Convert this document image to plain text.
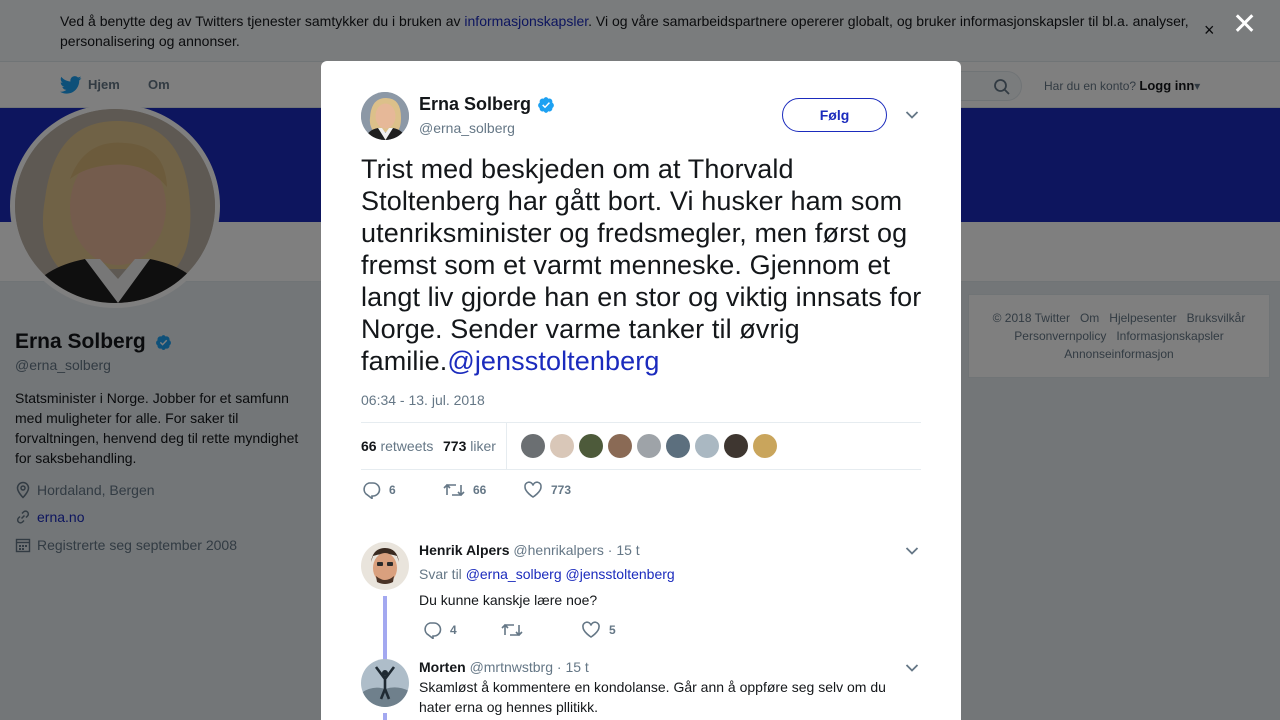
✕
Erna Solberg
@erna_solberg
Følg
Trist med beskjeden om at Thorvald Stoltenberg har gått bort. Vi husker ham som utenriksminister og fredsmegler, men først og fremst som et varmt menneske. Gjennom et langt liv gjorde han en stor og viktig innsats for Norge. Sender varme tanker til øvrig familie.@jensstoltenberg
06:34 - 13. jul. 2018
66 retweets 773 liker
6	66	773
Henrik Alpers @henrikalpers · 15 t
Svar til @erna_solberg @jensstoltenberg
Du kunne kanskje lære noe?
4	5
Morten @mrtnwstbrg · 15 t
Skamløst å kommentere en kondolanse. Går ann å oppføre seg selv om du hater erna og hennes pllitikk.
